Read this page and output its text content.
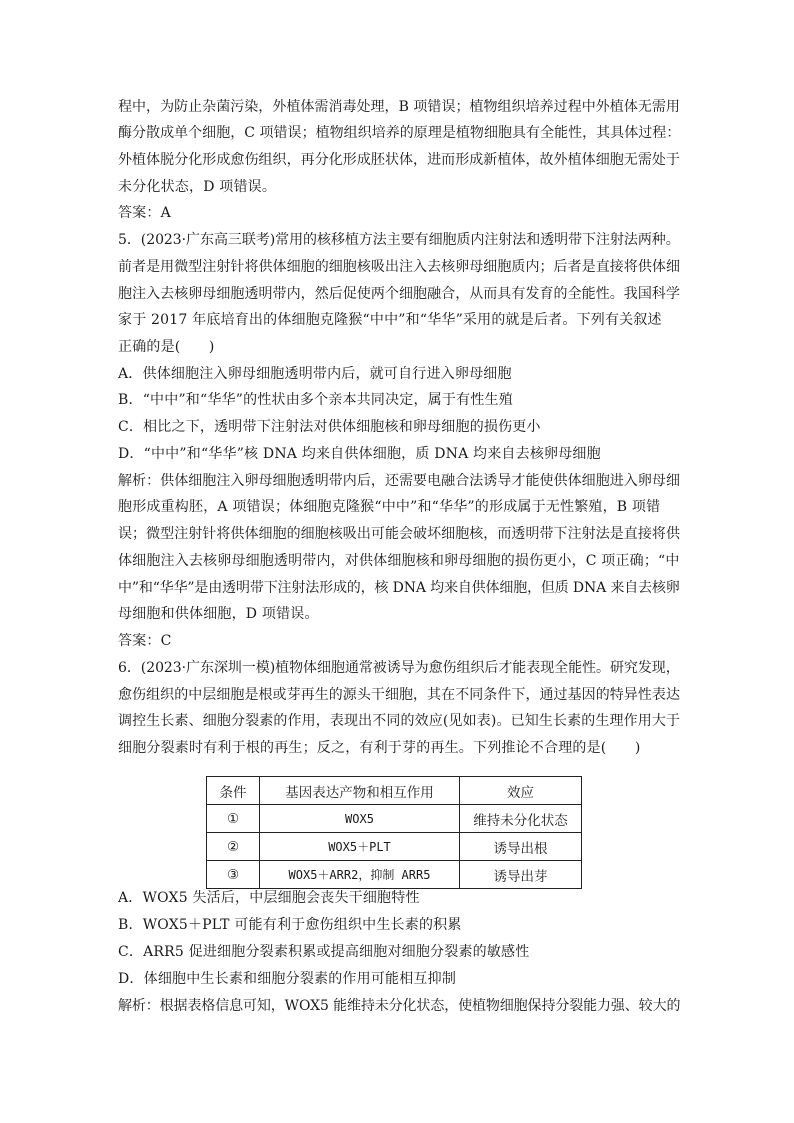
程中，为防止杂菌污染，外植体需消毒处理，B 项错误；植物组织培养过程中外植体无需用
酶分散成单个细胞，C 项错误；植物组织培养的原理是植物细胞具有全能性，其具体过程：
外植体脱分化形成愈伤组织，再分化形成胚状体，进而形成新植体，故外植体细胞无需处于
未分化状态，D 项错误。
答案：A
5．(2023·广东高三联考)常用的核移植方法主要有细胞质内注射法和透明带下注射法两种。
前者是用微型注射针将供体细胞的细胞核吸出注入去核卵母细胞质内；后者是直接将供体细
胞注入去核卵母细胞透明带内，然后促使两个细胞融合，从而具有发育的全能性。我国科学
家于 2017 年底培育出的体细胞克隆猴“中中”和“华华”采用的就是后者。下列有关叙述
正确的是(　　)
A．供体细胞注入卵母细胞透明带内后，就可自行进入卵母细胞
B．“中中”和“华华”的性状由多个亲本共同决定，属于有性生殖
C．相比之下，透明带下注射法对供体细胞核和卵母细胞的损伤更小
D．“中中”和“华华”核 DNA 均来自供体细胞，质 DNA 均来自去核卵母细胞
解析：供体细胞注入卵母细胞透明带内后，还需要电融合法诱导才能使供体细胞进入卵母细
胞形成重构胚，A 项错误；体细胞克隆猴“中中”和“华华”的形成属于无性繁殖，B 项错
误；微型注射针将供体细胞的细胞核吸出可能会破坏细胞核，而透明带下注射法是直接将供
体细胞注入去核卵母细胞透明带内，对供体细胞核和卵母细胞的损伤更小，C 项正确；“中
中”和“华华”是由透明带下注射法形成的，核 DNA 均来自供体细胞，但质 DNA 来自去核卵
母细胞和供体细胞，D 项错误。
答案：C
6．(2023·广东深圳一模)植物体细胞通常被诱导为愈伤组织后才能表现全能性。研究发现，
愈伤组织的中层细胞是根或芽再生的源头干细胞，其在不同条件下，通过基因的特异性表达
调控生长素、细胞分裂素的作用，表现出不同的效应(见如表)。已知生长素的生理作用大于
细胞分裂素时有利于根的再生；反之，有利于芽的再生。下列推论不合理的是(　　)
条件	基因表达产物和相互作用	效应
①	WOX5	维持未分化状态
②	WOX5＋PLT	诱导出根
③	WOX5＋ARR2，抑制 ARR5	诱导出芽
A．WOX5 失活后，中层细胞会丧失干细胞特性
B．WOX5＋PLT 可能有利于愈伤组织中生长素的积累
C．ARR5 促进细胞分裂素积累或提高细胞对细胞分裂素的敏感性
D．体细胞中生长素和细胞分裂素的作用可能相互抑制
解析：根据表格信息可知，WOX5 能维持未分化状态，使植物细胞保持分裂能力强、较大的
